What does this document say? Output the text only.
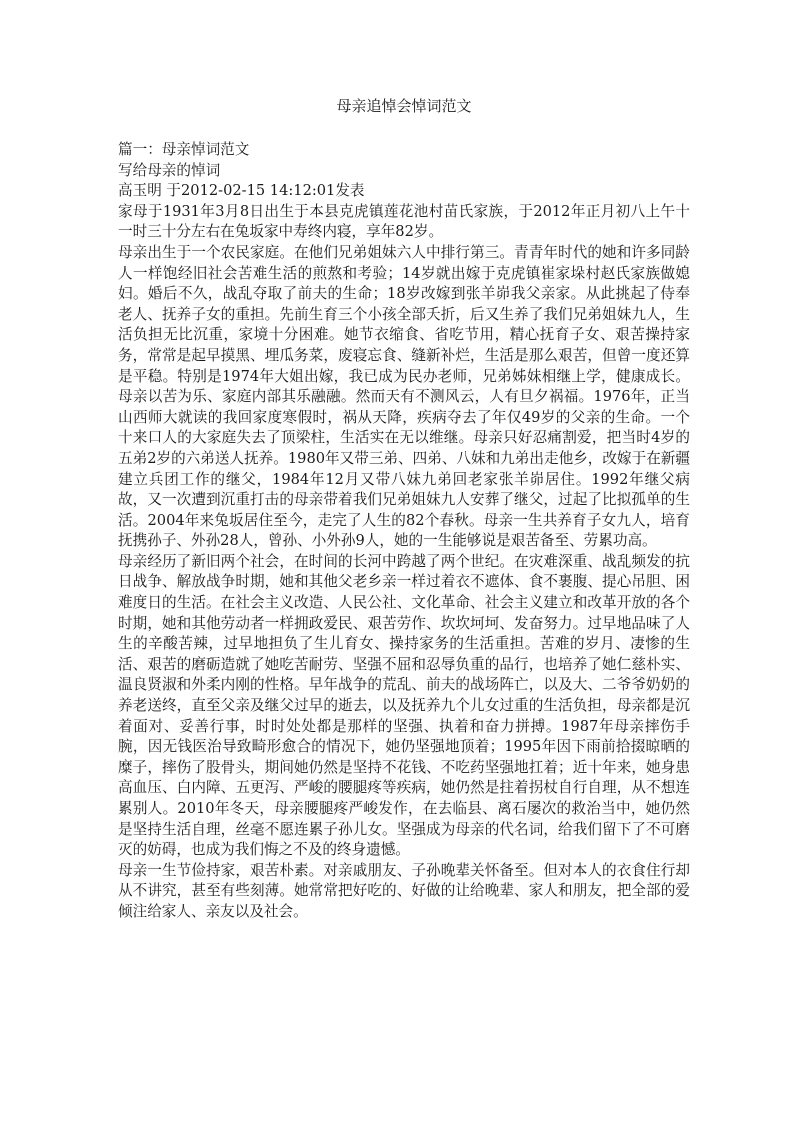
母亲追悼会悼词范文

篇一：母亲悼词范文

写给母亲的悼词

高玉明 于2012-02-15 14:12:01发表

家母于1931年3月8日出生于本县克虎镇莲花池村苗氏家族，于2012年正月初八上午十一时三十分左右在兔坂家中寿终内寝，享年82岁。

母亲出生于一个农民家庭。在他们兄弟姐妹六人中排行第三。青青年时代的她和许多同龄人一样饱经旧社会苦难生活的煎熬和考验；14岁就出嫁于克虎镇崔家垛村赵氏家族做媳妇。婚后不久，战乱夺取了前夫的生命；18岁改嫁到张羊峁我父亲家。从此挑起了侍奉老人、抚养子女的重担。先前生育三个小孩全部夭折，后又生养了我们兄弟姐妹九人，生活负担无比沉重，家境十分困难。她节衣缩食、省吃节用，精心抚育子女、艰苦操持家务，常常是起早摸黑、埋瓜务菜，废寝忘食、缝新补烂，生活是那么艰苦，但曾一度还算是平稳。特别是1974年大姐出嫁，我已成为民办老师，兄弟姊妹相继上学，健康成长。母亲以苦为乐、家庭内部其乐融融。然而天有不测风云，人有旦夕祸福。1976年，正当山西师大就读的我回家度寒假时，祸从天降，疾病夺去了年仅49岁的父亲的生命。一个十来口人的大家庭失去了顶梁柱，生活实在无以维继。母亲只好忍痛割爱，把当时4岁的五弟2岁的六弟送人抚养。1980年又带三弟、四弟、八妹和九弟出走他乡，改嫁于在新疆建立兵团工作的继父，1984年12月又带八妹九弟回老家张羊峁居住。1992年继父病故，又一次遭到沉重打击的母亲带着我们兄弟姐妹九人安葬了继父，过起了比拟孤单的生活。2004年来兔坂居住至今，走完了人生的82个春秋。母亲一生共养育子女九人，培育抚携孙子、外孙28人，曾孙、小外孙9人，她的一生能够说是艰苦备至、劳累功高。

母亲经历了新旧两个社会，在时间的长河中跨越了两个世纪。在灾难深重、战乱频发的抗日战争、解放战争时期，她和其他父老乡亲一样过着衣不遮体、食不裹腹、提心吊胆、困难度日的生活。在社会主义改造、人民公社、文化革命、社会主义建立和改革开放的各个时期，她和其他劳动者一样拥政爱民、艰苦劳作、坎坎坷坷、发奋努力。过早地品味了人生的辛酸苦辣，过早地担负了生儿育女、操持家务的生活重担。苦难的岁月、凄惨的生活、艰苦的磨砺造就了她吃苦耐劳、坚强不屈和忍辱负重的品行，也培养了她仁慈朴实、温良贤淑和外柔内刚的性格。早年战争的荒乱、前夫的战场阵亡，以及大、二爷爷奶奶的养老送终，直至父亲及继父过早的逝去，以及抚养九个儿女过重的生活负担，母亲都是沉着面对、妥善行事，时时处处都是那样的坚强、执着和奋力拼搏。1987年母亲摔伤手腕，因无钱医治导致畸形愈合的情况下，她仍坚强地顶着；1995年因下雨前拾掇晾晒的糜子，摔伤了股骨头，期间她仍然是坚持不花钱、不吃药坚强地扛着；近十年来，她身患高血压、白内障、五更泻、严峻的腰腿疼等疾病，她仍然是拄着拐杖自行自理，从不想连累别人。2010年冬天，母亲腰腿疼严峻发作，在去临县、离石屡次的救治当中，她仍然是坚持生活自理，丝毫不愿连累子孙儿女。坚强成为母亲的代名词，给我们留下了不可磨灭的妨碍，也成为我们悔之不及的终身遗憾。

母亲一生节俭持家，艰苦朴素。对亲戚朋友、子孙晚辈关怀备至。但对本人的衣食住行却从不讲究，甚至有些刻薄。她常常把好吃的、好做的让给晚辈、家人和朋友，把全部的爱倾注给家人、亲友以及社会。
